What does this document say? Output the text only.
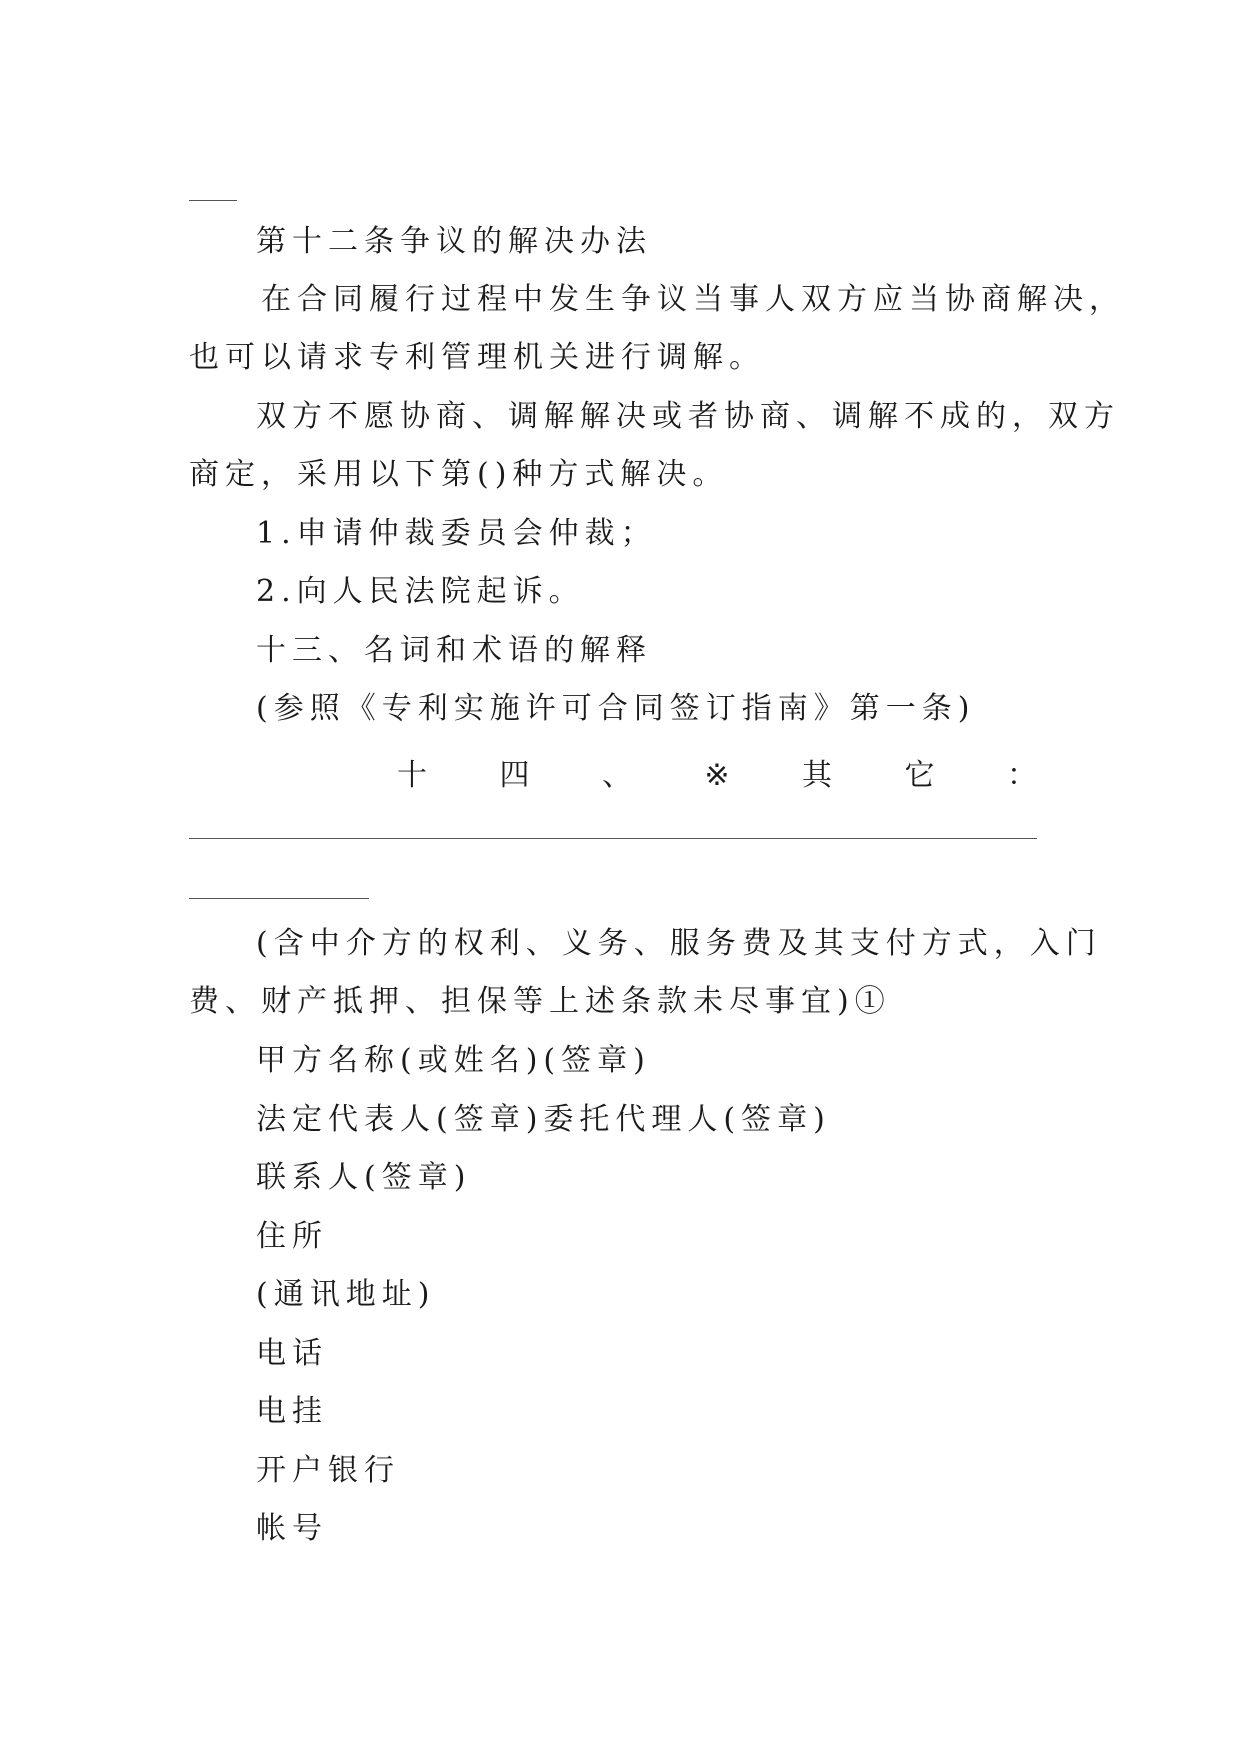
第十二条争议的解决办法

在合同履行过程中发生争议当事人双方应当协商解决，

也可以请求专利管理机关进行调解。

双方不愿协商、调解解决或者协商、调解不成的，双方

商定，采用以下第()种方式解决。

1.申请仲裁委员会仲裁；

2.向人民法院起诉。

十三、名词和术语的解释

(参照《专利实施许可合同签订指南》第一条)

十 四 、 ※ 其 它 ：

(含中介方的权利、义务、服务费及其支付方式，入门

费、财产抵押、担保等上述条款未尽事宜)①

甲方名称(或姓名)(签章)

法定代表人(签章)委托代理人(签章)

联系人(签章)

住所

(通讯地址)

电话

电挂

开户银行

帐号
